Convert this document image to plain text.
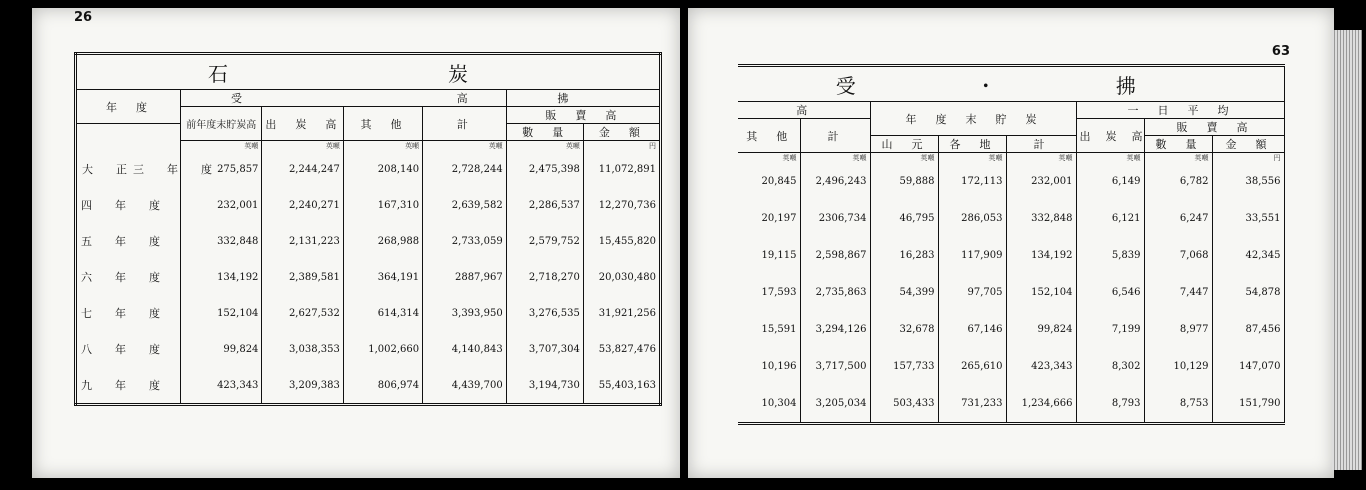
26
石　　炭						
年　度	受			高	拂	
	前年度末貯炭高	出　炭　高	其　他	計	販　賣　高	
					數　量	金　額
	英噸	英噸	英噸	英噸	英噸	円

大　正 三　年　度	275,857	2,244,247	208,140	2,728,244	2,475,398	11,072,891
四　年　度	232,001	2,240,271	167,310	2,639,582	2,286,537	12,270,736
五　年　度	332,848	2,131,223	268,988	2,733,059	2,579,752	15,455,820
六　年　度	134,192	2,389,581	364,191	2887,967	2,718,270	20,030,480
七　年　度	152,104	2,627,532	614,314	3,393,950	3,276,535	31,921,256
八　年　度	99,824	3,038,353	1,002,660	4,140,843	3,707,304	53,827,476
九　年　度	423,343	3,209,383	806,974	4,439,700	3,194,730	55,403,163
63
受　・　拂							
高		年　度　末　貯　炭			一　日　平　均		
其　他	計				出　炭　高	販　賣　高	
		山　元	各　地	計		數　量	金　額
英噸	英噸	英噸	英噸	英噸	英噸	英噸	円
20,845	2,496,243	59,888	172,113	232,001	6,149	6,782	38,556
20,197	2306,734	46,795	286,053	332,848	6,121	6,247	33,551
19,115	2,598,867	16,283	117,909	134,192	5,839	7,068	42,345
17,593	2,735,863	54,399	97,705	152,104	6,546	7,447	54,878
15,591	3,294,126	32,678	67,146	99,824	7,199	8,977	87,456
10,196	3,717,500	157,733	265,610	423,343	8,302	10,129	147,070
10,304	3,205,034	503,433	731,233	1,234,666	8,793	8,753	151,790
